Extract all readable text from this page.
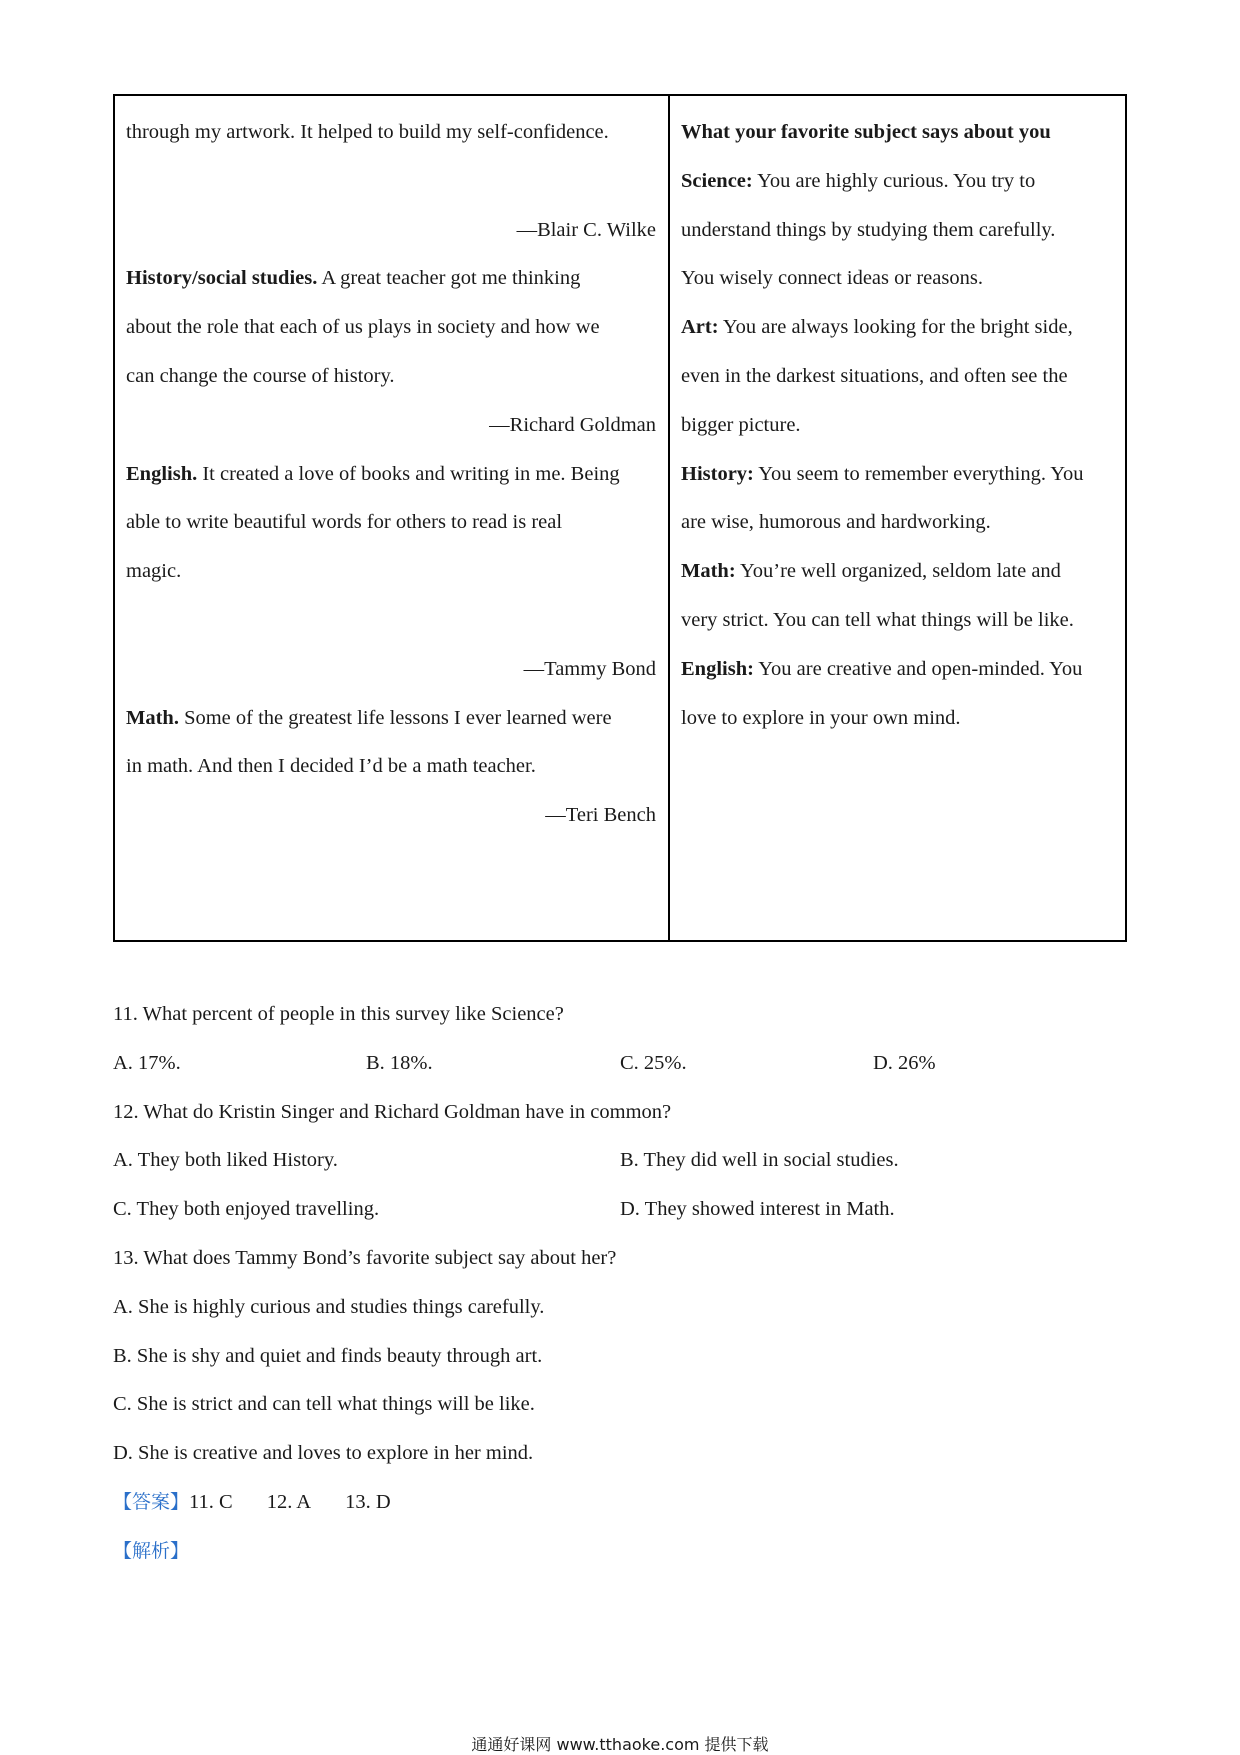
through my artwork. It helped to build my self-confidence.
—Blair C. Wilke
History/social studies. A great teacher got me thinking
about the role that each of us plays in society and how we
can change the course of history.
—Richard Goldman
English. It created a love of books and writing in me. Being
able to write beautiful words for others to read is real
magic.
—Tammy Bond
Math. Some of the greatest life lessons I ever learned were
in math. And then I decided I’d be a math teacher.
—Teri Bench
What your favorite subject says about you
Science: You are highly curious. You try to
understand things by studying them carefully.
You wisely connect ideas or reasons.
Art: You are always looking for the bright side,
even in the darkest situations, and often see the
bigger picture.
History: You seem to remember everything. You
are wise, humorous and hardworking.
Math: You’re well organized, seldom late and
very strict. You can tell what things will be like.
English: You are creative and open-minded. You
love to explore in your own mind.
11. What percent of people in this survey like Science?
A. 17%.	B. 18%.	C. 25%.	D. 26%
12. What do Kristin Singer and Richard Goldman have in common?
A. They both liked History.	B. They did well in social studies.
C. They both enjoyed travelling.	D. They showed interest in Math.
13. What does Tammy Bond’s favorite subject say about her?
A. She is highly curious and studies things carefully.
B. She is shy and quiet and finds beauty through art.
C. She is strict and can tell what things will be like.
D. She is creative and loves to explore in her mind.
【答案】11. C 12. A 13. D
【解析】
通通好课网 www.tthaoke.com 提供下载
